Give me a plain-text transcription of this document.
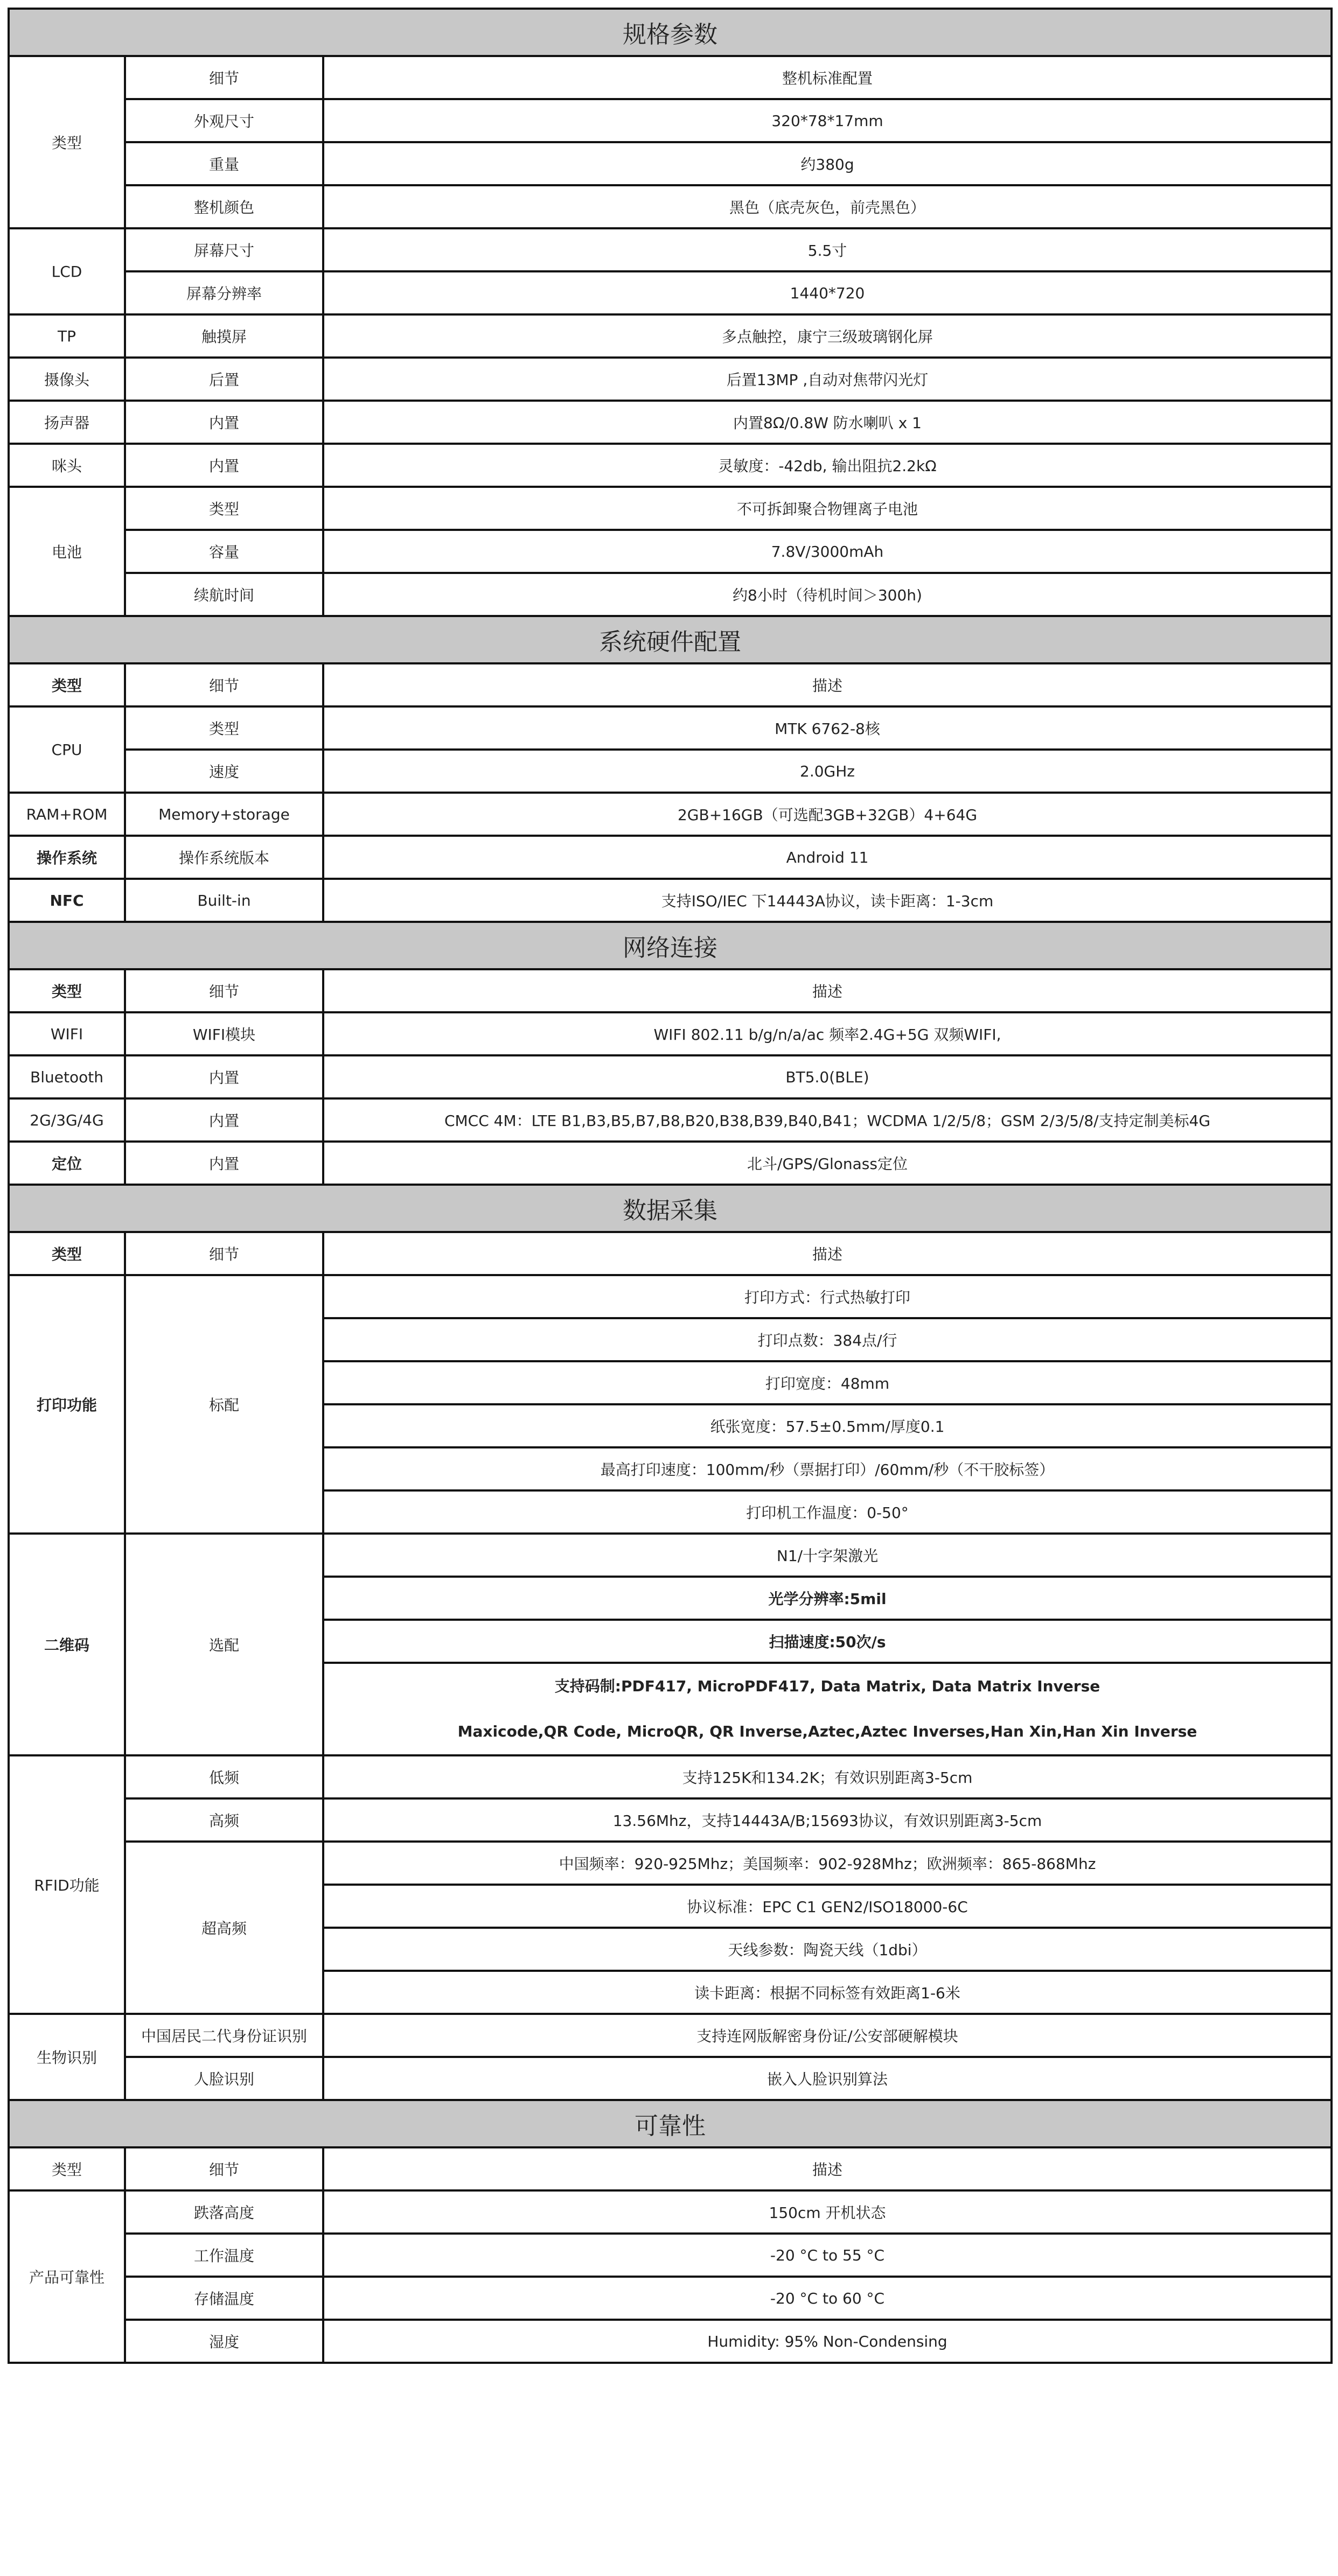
规格参数		
类型	细节	整机标准配置
	外观尺寸	320*78*17mm
	重量	约380g
	整机颜色	黑色（底壳灰色，前壳黑色）
LCD	屏幕尺寸	5.5寸
	屏幕分辨率	1440*720
TP	触摸屏	多点触控，康宁三级玻璃钢化屏
摄像头	后置	后置13MP ,自动对焦带闪光灯
扬声器	内置	内置8Ω/0.8W 防水喇叭 x 1
咪头	内置	灵敏度：-42db, 输出阻抗2.2kΩ
电池	类型	不可拆卸聚合物锂离子电池
	容量	7.8V/3000mAh
	续航时间	约8小时（待机时间＞300h)
系统硬件配置		
类型	细节	描述
CPU	类型	MTK 6762-8核
	速度	2.0GHz
RAM+ROM	Memory+storage	2GB+16GB（可选配3GB+32GB）4+64G
操作系统	操作系统版本	Android 11
NFC	Built-in	支持ISO/IEC 下14443A协议，读卡距离：1-3cm
网络连接		
类型	细节	描述
WIFI	WIFI模块	WIFI 802.11 b/g/n/a/ac 频率2.4G+5G 双频WIFI,
Bluetooth	内置	BT5.0(BLE)
2G/3G/4G	内置	CMCC 4M：LTE B1,B3,B5,B7,B8,B20,B38,B39,B40,B41；WCDMA 1/2/5/8；GSM 2/3/5/8/支持定制美标4G
定位	内置	北斗/GPS/Glonass定位
数据采集		
类型	细节	描述
打印功能	标配	打印方式：行式热敏打印
		打印点数：384点/行
		打印宽度：48mm
		纸张宽度：57.5±0.5mm/厚度0.1
		最高打印速度：100mm/秒（票据打印）/60mm/秒（不干胶标签）
		打印机工作温度：0-50°
二维码	选配	N1/十字架激光
		光学分辨率:5mil
		扫描速度:50次/s

		支持码制:PDF417, MicroPDF417, Data Matrix, Data Matrix Inverse
Maxicode,QR Code, MicroQR, QR Inverse,Aztec,Aztec Inverses,Han Xin,Han Xin Inverse

RFID功能	低频	支持125K和134.2K；有效识别距离3-5cm
	高频	13.56Mhz，支持14443A/B;15693协议，有效识别距离3-5cm
	超高频	中国频率：920-925Mhz；美国频率：902-928Mhz；欧洲频率：865-868Mhz
		协议标准：EPC C1 GEN2/ISO18000-6C
		天线参数：陶瓷天线（1dbi）
		读卡距离：根据不同标签有效距离1-6米
生物识别	中国居民二代身份证识别	支持连网版解密身份证/公安部硬解模块
	人脸识别	嵌入人脸识别算法
可靠性		
类型	细节	描述
产品可靠性	跌落高度	150cm 开机状态
	工作温度	-20 °C to 55 °C
	存储温度	-20 °C to 60 °C
	湿度	Humidity: 95% Non-Condensing
